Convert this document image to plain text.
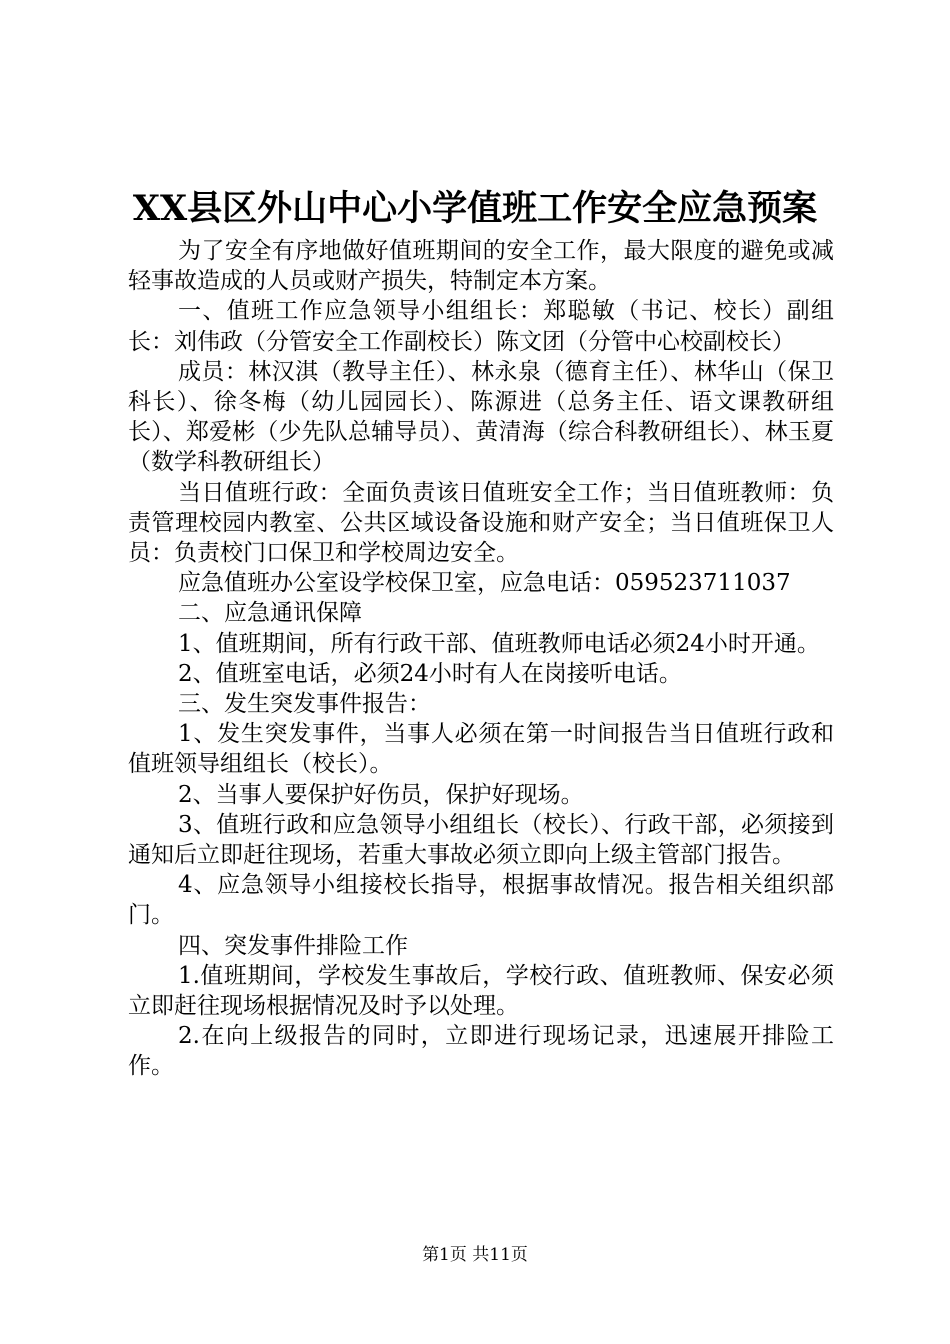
XX县区外山中心小学值班工作安全应急预案

为了安全有序地做好值班期间的安全工作，最大限度的避免或减轻事故造成的人员或财产损失，特制定本方案。

一、值班工作应急领导小组组长：郑聪敏（书记、校长）副组长：刘伟政（分管安全工作副校长）陈文团（分管中心校副校长）

成员：林汉淇（教导主任）、林永泉（德育主任）、林华山（保卫科长）、徐冬梅（幼儿园园长）、陈源进（总务主任、语文课教研组长）、郑爱彬（少先队总辅导员）、黄清海（综合科教研组长）、林玉夏（数学科教研组长）

当日值班行政：全面负责该日值班安全工作；当日值班教师：负责管理校园内教室、公共区域设备设施和财产安全；当日值班保卫人员：负责校门口保卫和学校周边安全。

应急值班办公室设学校保卫室，应急电话：059523711037

二、应急通讯保障

1、值班期间，所有行政干部、值班教师电话必须24小时开通。

2、值班室电话，必须24小时有人在岗接听电话。

三、发生突发事件报告：

1、发生突发事件，当事人必须在第一时间报告当日值班行政和值班领导组组长（校长）。

2、当事人要保护好伤员，保护好现场。

3、值班行政和应急领导小组组长（校长）、行政干部，必须接到通知后立即赶往现场，若重大事故必须立即向上级主管部门报告。

4、应急领导小组接校长指导，根据事故情况。报告相关组织部门。

四、突发事件排险工作

1.值班期间，学校发生事故后，学校行政、值班教师、保安必须立即赶往现场根据情况及时予以处理。

2.在向上级报告的同时，立即进行现场记录，迅速展开排险工作。

第1页 共11页
